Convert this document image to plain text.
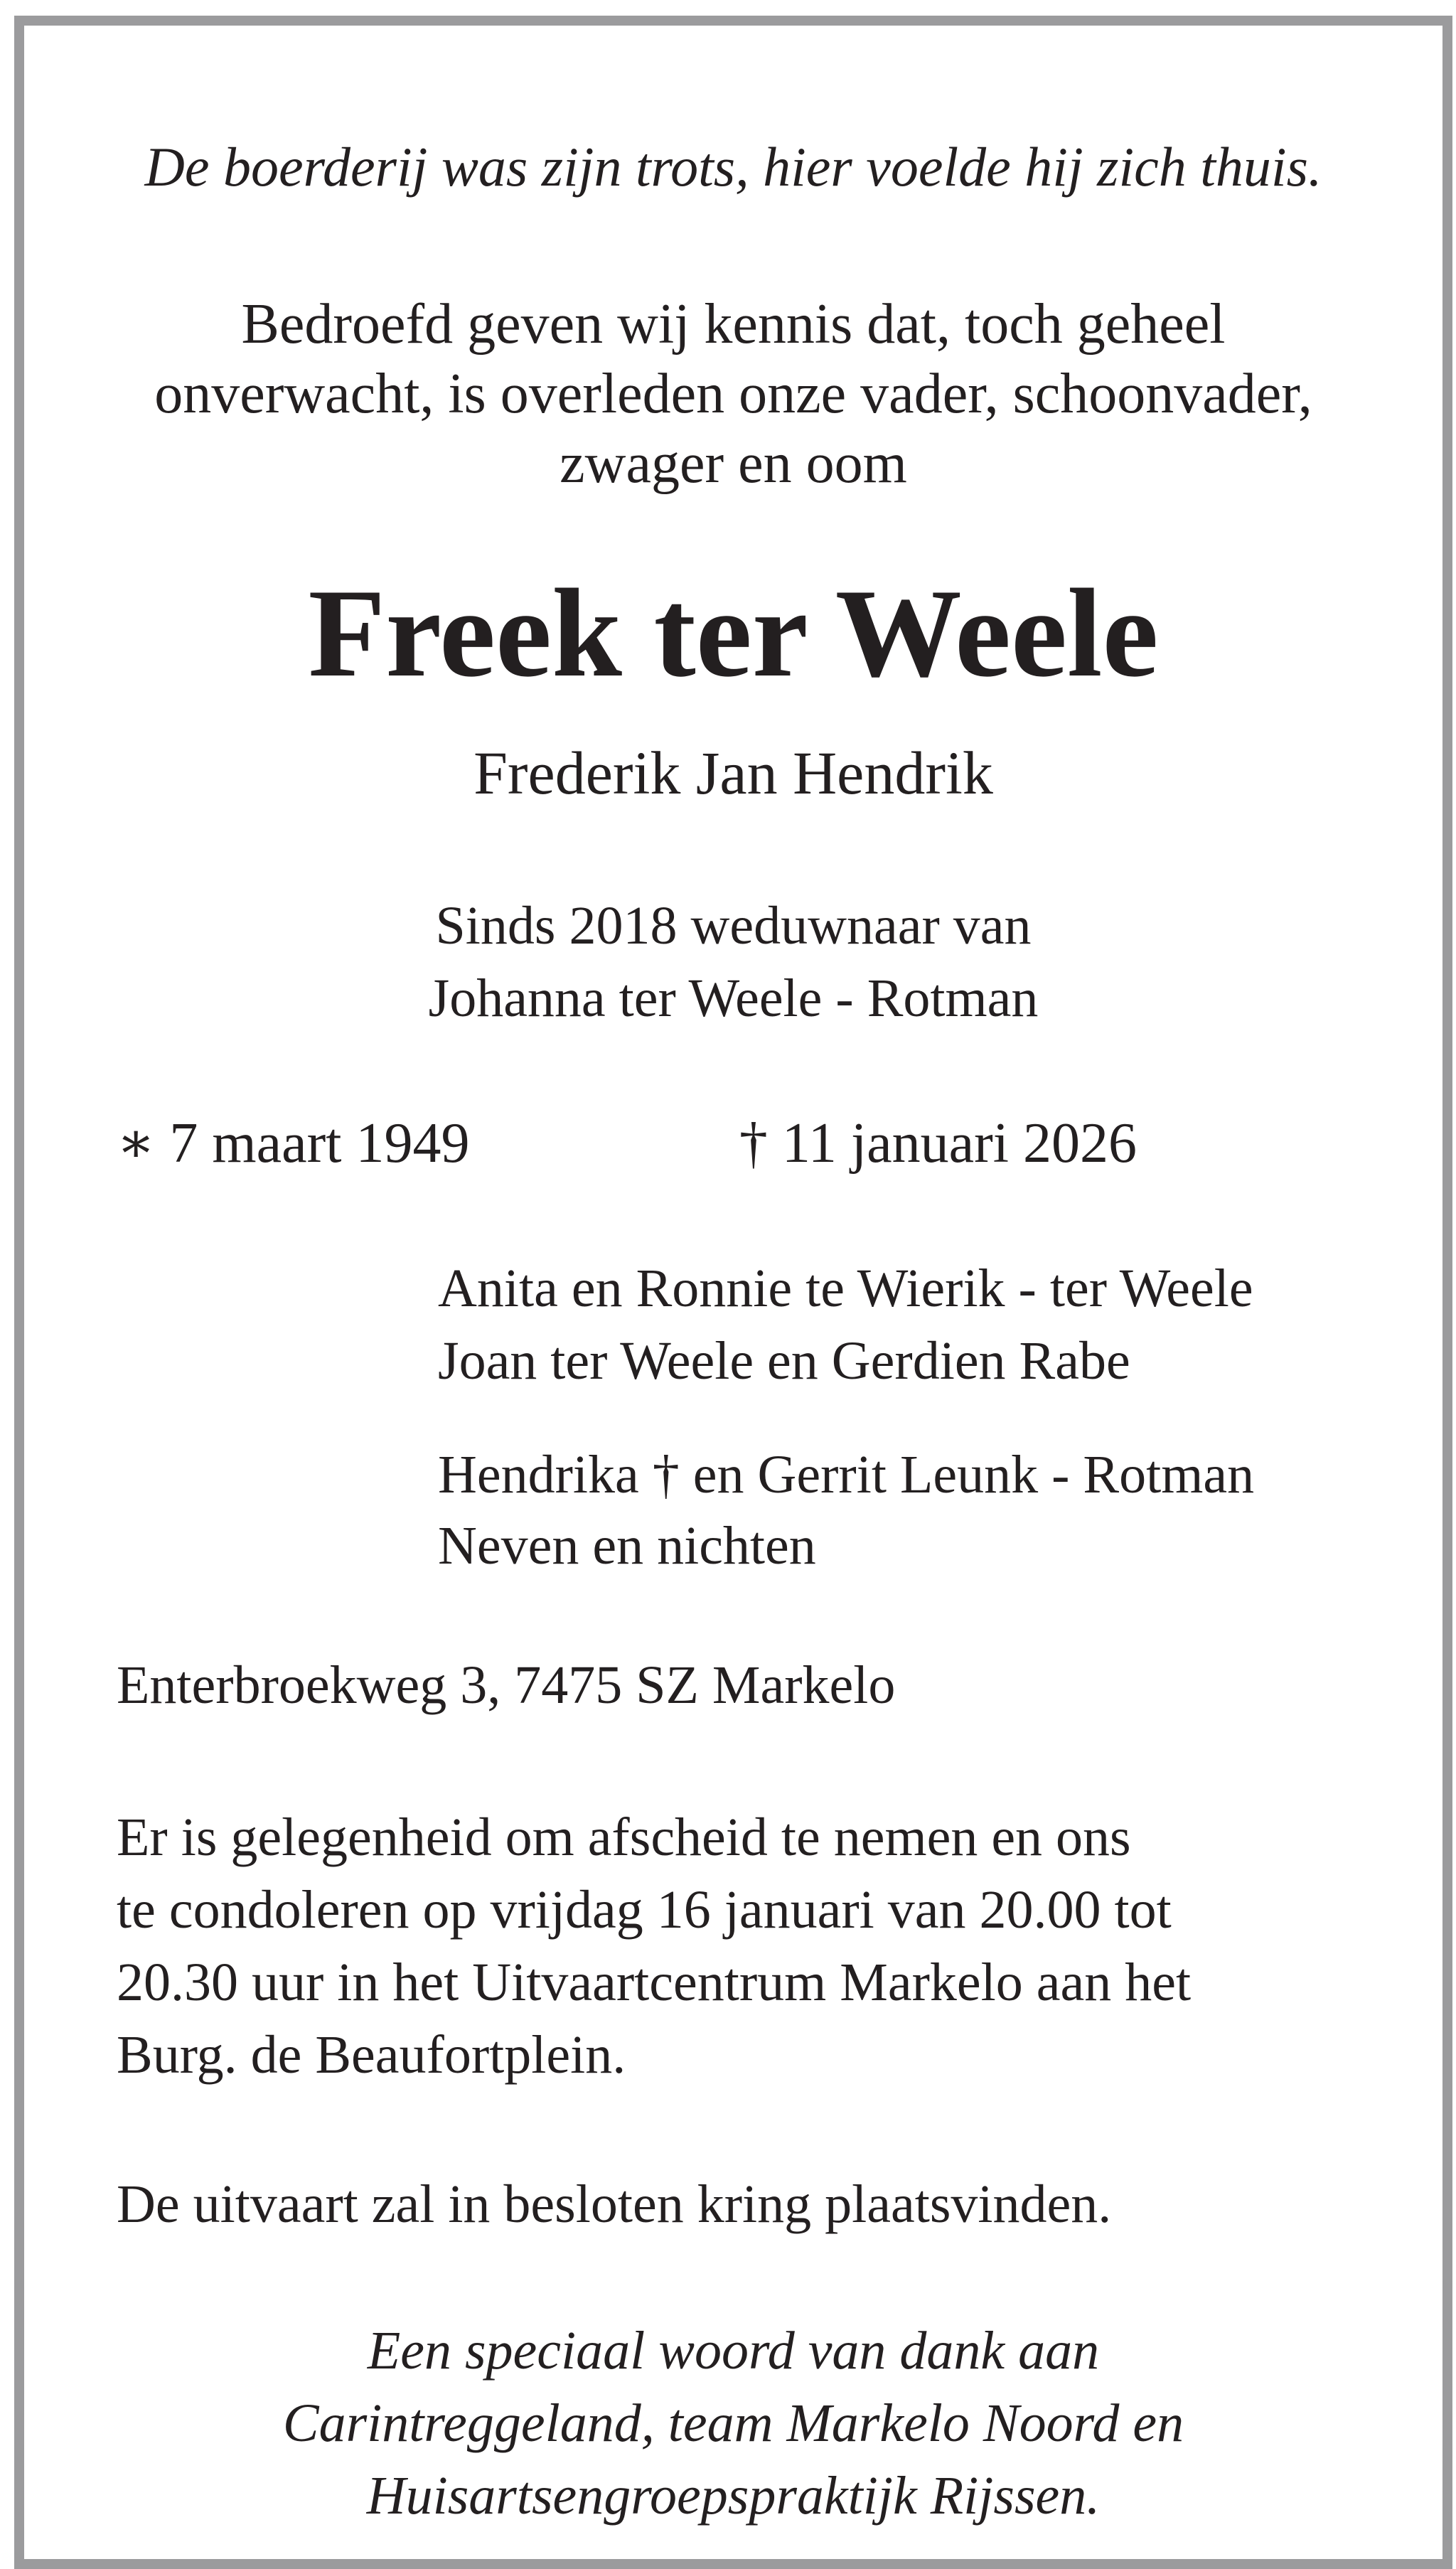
De boerderij was zijn trots, hier voelde hij zich thuis.

Bedroefd geven wij kennis dat, toch geheel

onverwacht, is overleden onze vader, schoonvader,

zwager en oom

Freek ter Weele

Frederik Jan Hendrik

Sinds 2018 weduwnaar van

Johanna ter Weele - Rotman

∗ 7 maart 1949	† 11 januari 2026

Anita en Ronnie te Wierik - ter Weele

Joan ter Weele en Gerdien Rabe

Hendrika † en Gerrit Leunk - Rotman

Neven en nichten

Enterbroekweg 3, 7475 SZ Markelo

Er is gelegenheid om afscheid te nemen en ons

te condoleren op vrijdag 16 januari van 20.00 tot

20.30 uur in het Uitvaartcentrum Markelo aan het

Burg. de Beaufortplein.

De uitvaart zal in besloten kring plaatsvinden.

Een speciaal woord van dank aan

Carintreggeland, team Markelo Noord en

Huisartsengroepspraktijk Rijssen.
